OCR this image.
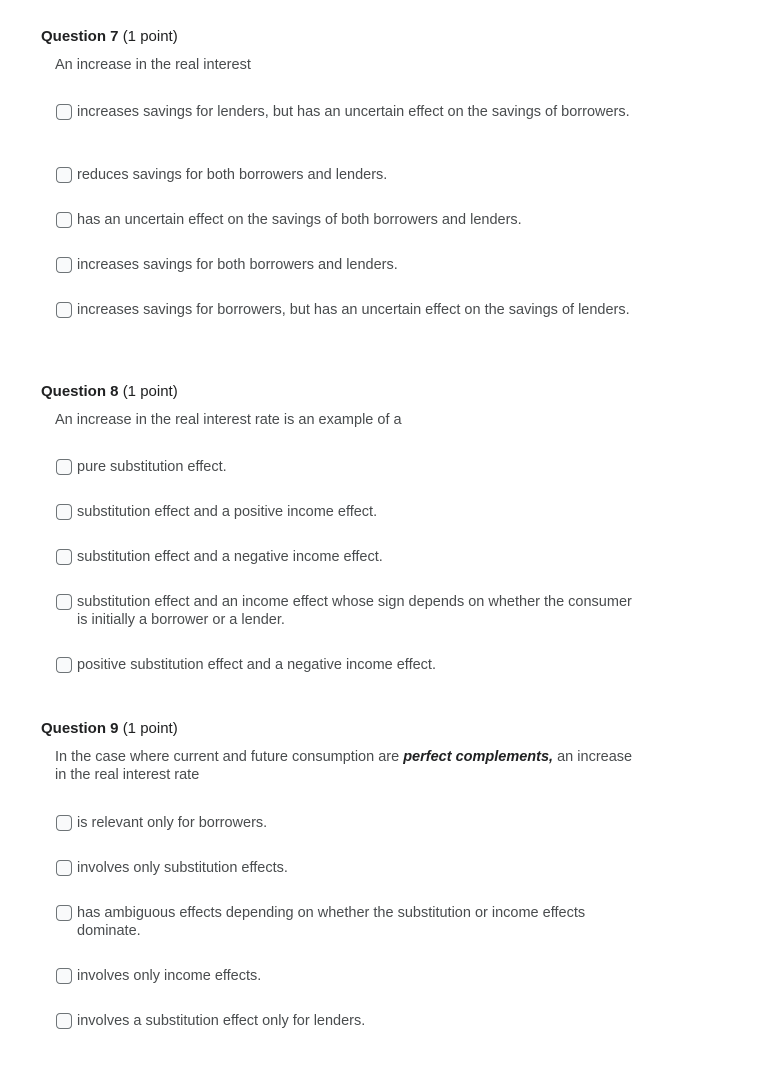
Question 7 (1 point)
An increase in the real interest
increases savings for lenders, but has an uncertain effect on the savings of borrowers.
reduces savings for both borrowers and lenders.
has an uncertain effect on the savings of both borrowers and lenders.
increases savings for both borrowers and lenders.
increases savings for borrowers, but has an uncertain effect on the savings of lenders.
Question 8 (1 point)
An increase in the real interest rate is an example of a
pure substitution effect.
substitution effect and a positive income effect.
substitution effect and a negative income effect.
substitution effect and an income effect whose sign depends on whether the consumer is initially a borrower or a lender.
positive substitution effect and a negative income effect.
Question 9 (1 point)
In the case where current and future consumption are perfect complements, an increase in the real interest rate
is relevant only for borrowers.
involves only substitution effects.
has ambiguous effects depending on whether the substitution or income effects dominate.
involves only income effects.
involves a substitution effect only for lenders.
